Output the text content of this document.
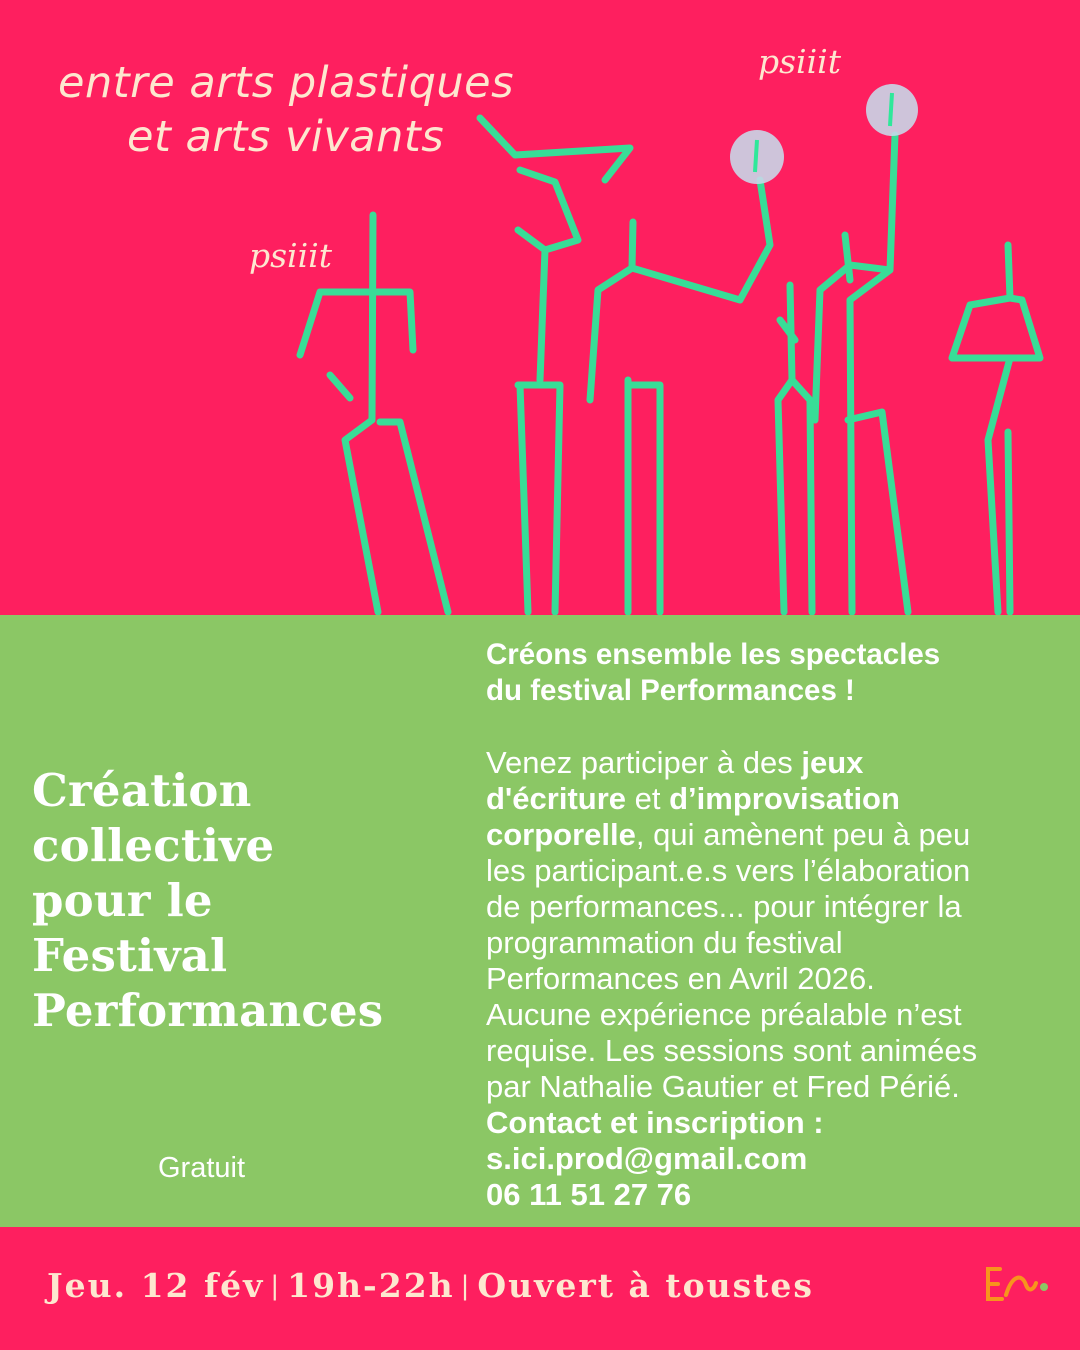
entre arts plastiques
et arts vivants
psiiit
psiiit
Création
collective
pour le
Festival
Performances
Gratuit
Créons ensemble les spectacles
du festival Performances !
Venez participer à des jeux
d'écriture et d’improvisation
corporelle, qui amènent peu à peu
les participant.e.s vers l’élaboration
de performances... pour intégrer la
programmation du festival
Performances en Avril 2026.
Aucune expérience préalable n’est
requise. Les sessions sont animées
par Nathalie Gautier et Fred Périé.
Contact et inscription :
s.ici.prod@gmail.com
06 11 51 27 76
Jeu. 12 fév | 19h-22h | Ouvert à toustes
